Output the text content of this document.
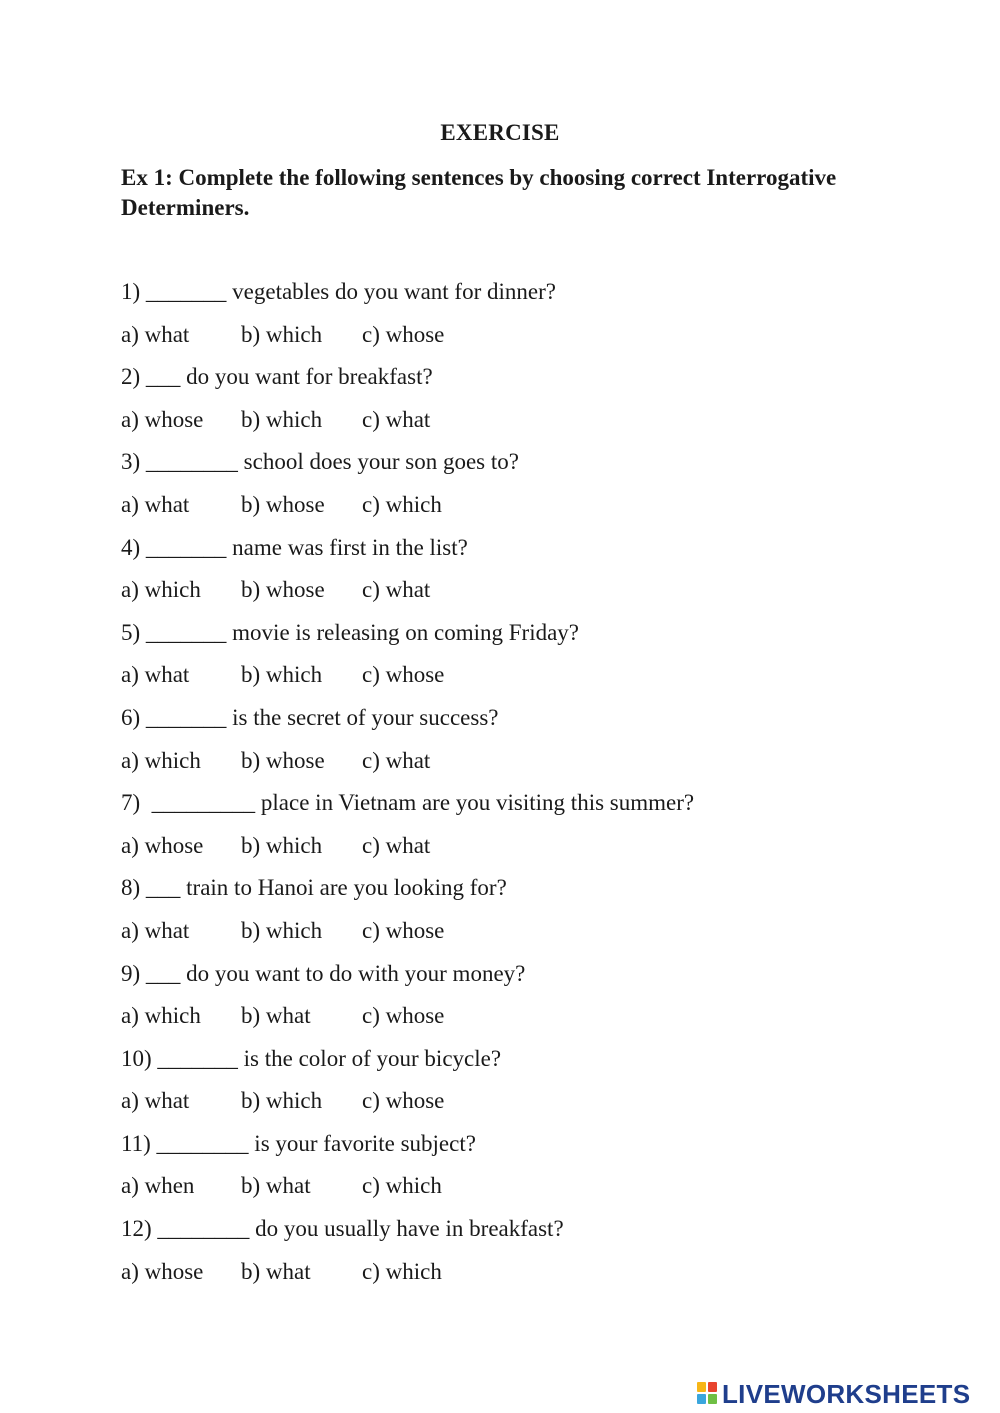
EXERCISE
Ex 1: Complete the following sentences by choosing correct Interrogative Determiners.
1) _______ vegetables do you want for dinner?
a) what b) which c) whose
2) ___ do you want for breakfast?
a) whose b) which c) what
3) ________ school does your son goes to?
a) what b) whose c) which
4) _______ name was first in the list?
a) which b) whose c) what
5) _______ movie is releasing on coming Friday?
a) what b) which c) whose
6) _______ is the secret of your success?
a) which b) whose c) what
7)  _________ place in Vietnam are you visiting this summer?
a) whose b) which c) what
8) ___ train to Hanoi are you looking for?
a) what b) which c) whose
9) ___ do you want to do with your money?
a) which b) what c) whose
10) _______ is the color of your bicycle?
a) what b) which c) whose
11) ________ is your favorite subject?
a) when b) what c) which
12) ________ do you usually have in breakfast?
a) whose b) what c) which
LIVEWORKSHEETS
